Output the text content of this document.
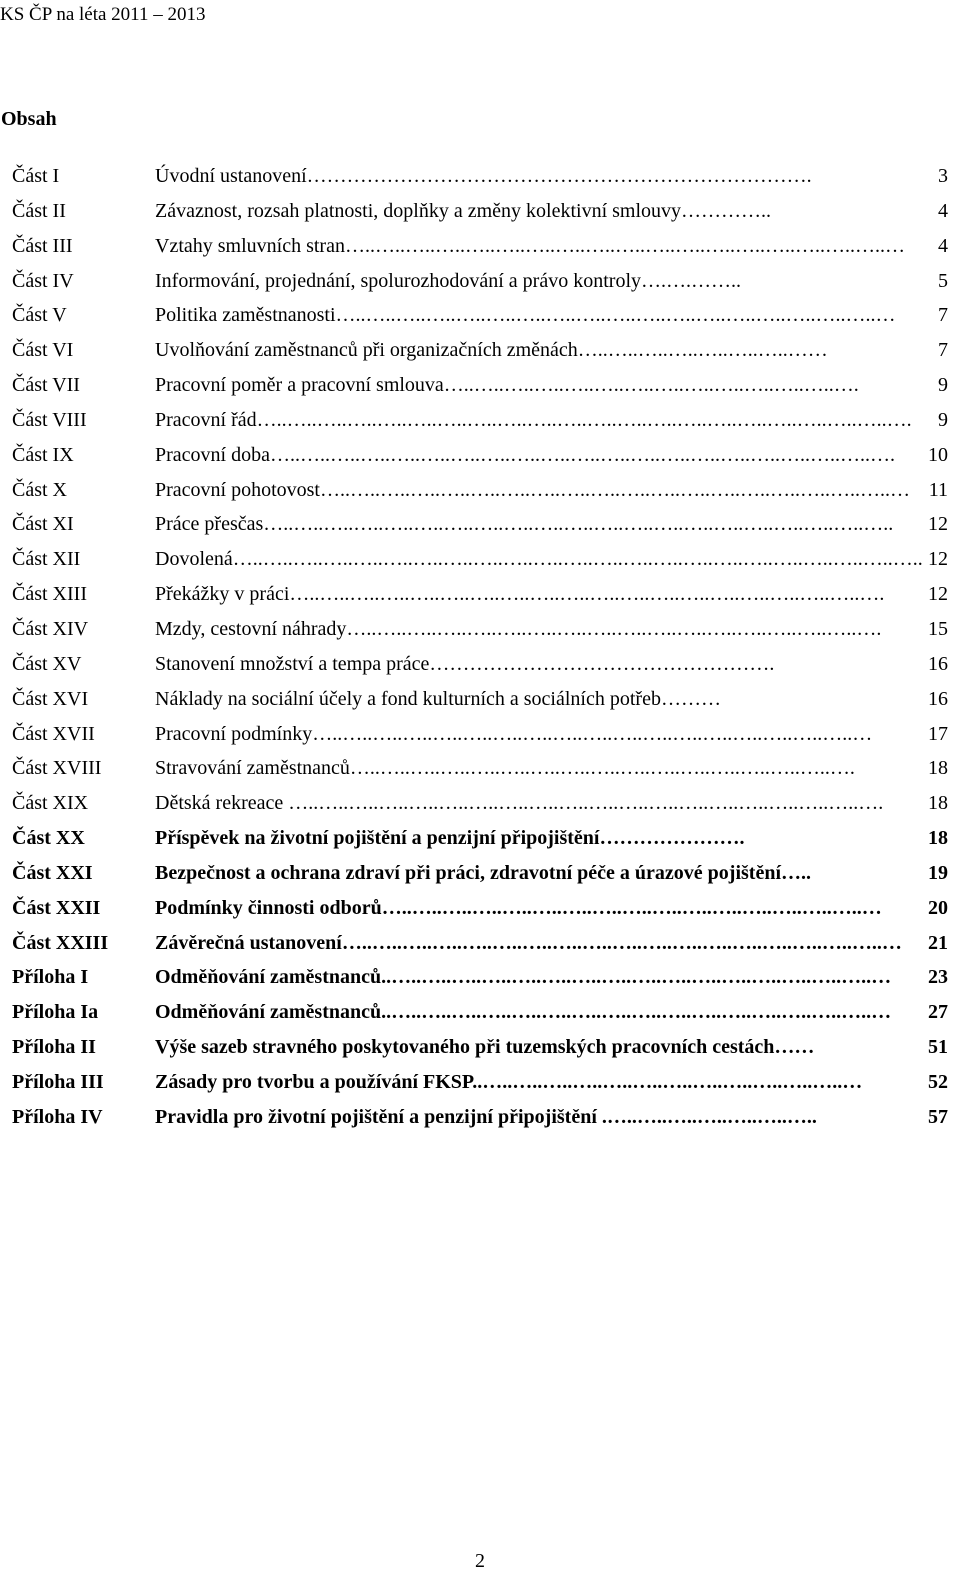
KS ČP na léta 2011 – 2013
Obsah
Část I	Úvodní ustanovení………………………………………………………………….	3
Část II	Závaznost, rozsah platnosti, doplňky a změny kolektivní smlouvy…………..	4
Část III	Vztahy smluvních stran…..…..…..…..…..…..…..…..…..…..…..…..…..…..…..…..…..…..…	4
Část IV	Informování, projednání, spolurozhodování a právo kontroly….….……..	5
Část V	Politika zaměstnanosti…..…..…..…..…..…..…..…..…..…..…..…..…..…..…..…..…..…..…	7
Část VI	Uvolňování zaměstnanců při organizačních změnách…..…..…..…..…..…..…..……	7
Část VII	Pracovní poměr a pracovní smlouva…..…..…..…..…..…..…..…..…..…..…..…..…..….	9
Část VIII	Pracovní řád…..…..…..…..…..…..…..…..…..…..…..…..…..…..…..…..…..…..…..…..…..….	9
Část IX	Pracovní doba…..…..…..…..…..…..…..…..…..…..…..…..…..…..…..…..…..…..…..…..….	10
Část X	Pracovní pohotovost…..…..…..…..…..…..…..…..…..…..…..…..…..…..…..…..…..…..…..… 11
Část XI	Práce přesčas…..…..…..…..…..…..…..…..…..…..…..…..…..…..…..…..…..…..…..…..…..	12
Část XII	Dovolená…..…..…..…..…..…..…..…..…..…..…..…..…..…..…..…..…..…..…..…..…..…..….. 12
Část XIII	Překážky v práci…..…..…..…..…..…..…..…..…..…..…..…..…..…..…..…..…..…..…..….	12
Část XIV	Mzdy, cestovní náhrady…..…..…..…..…..…..…..…..…..…..…..…..…..…..…..…..…..….	15
Část XV	Stanovení množství a tempa práce…………………………………………….	16
Část XVI	Náklady na sociální účely a fond kulturních a sociálních potřeb………	16
Část XVII	Pracovní podmínky…..…..…..…..…..…..…..…..…..…..…..…..…..…..…..…..…..…..…	17
Část XVIII	Stravování zaměstnanců…..…..…..…..…..…..…..…..…..…..…..…..…..…..…..…..….	18
Část XIX	Dětská rekreace …..…..…..…..…..…..…..…..…..…..…..…..…..…..…..…..…..…..…..….	18
Část XX	Příspěvek na životní pojištění a penzijní připojištění………………….	18
Část XXI	Bezpečnost a ochrana zdraví při práci, zdravotní péče a úrazové pojištění…..	19
Část XXII	Podmínky činnosti odborů…..…..…..…..…..…..…..…..…..…..…..…..…..…..…..…..…	20
Část XXIII Závěrečná ustanovení…..…..…..…..…..…..…..…..…..…..…..…..…..…..…..…..…..…..…	21
Příloha I	Odměňování zaměstnanců..…..…..…..…..…..…..…..…..…..…..…..…..…..…..…..…..…	23
Příloha Ia	Odměňování zaměstnanců..…..…..…..…..…..…..…..…..…..…..…..…..…..…..…..…..…	27
Příloha II	Výše sazeb stravného poskytovaného při tuzemských pracovních cestách……	51
Příloha III	Zásady pro tvorbu a používání FKSP..…..…..…..…..…..…..…..…..…..…..…..…..…	52
Příloha IV	Pravidla pro životní pojištění a penzijní připojištění .…..…..…..…..…..…..…..	57
2
